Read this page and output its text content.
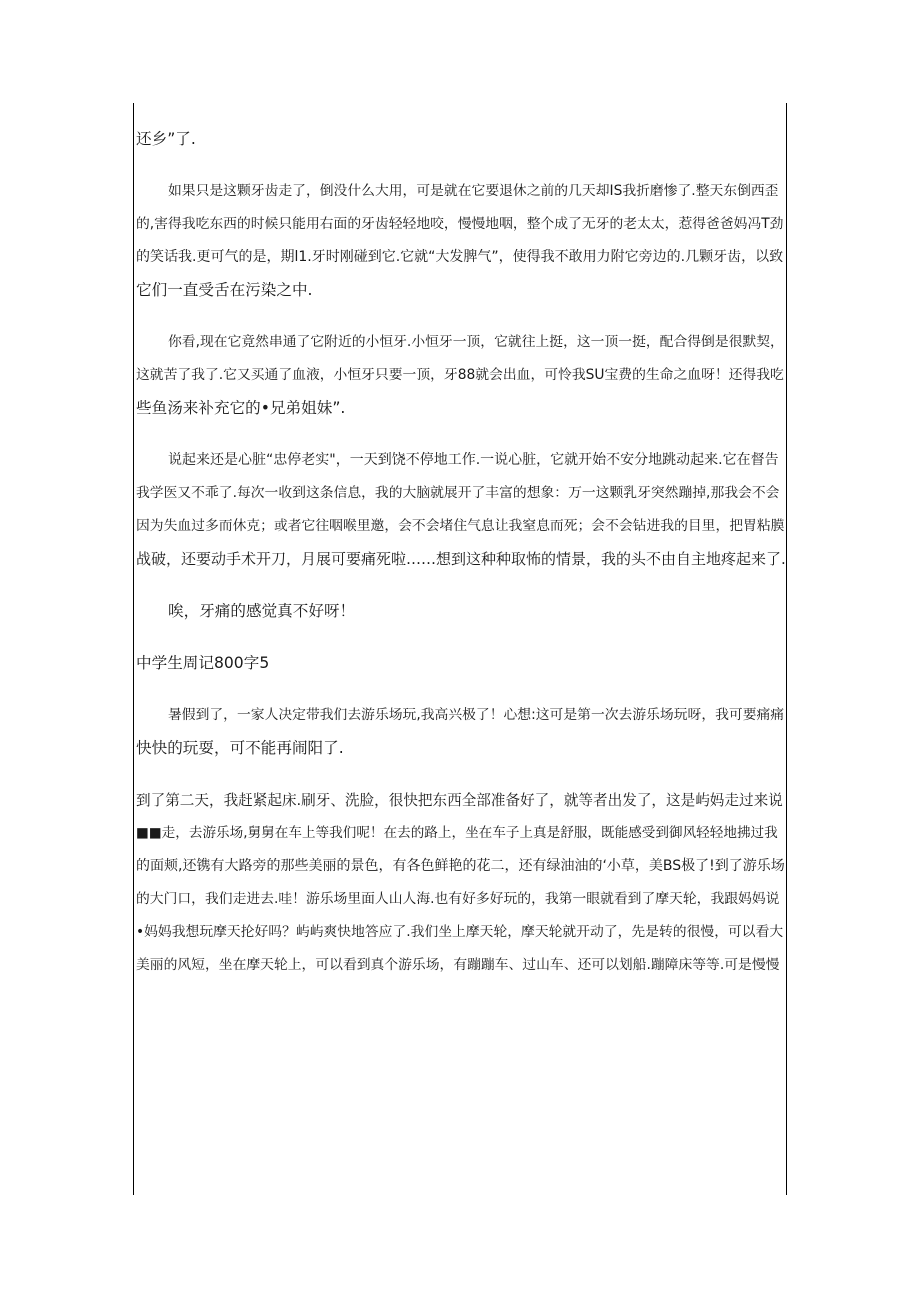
还乡”了.
如果只是这颗牙齿走了，倒没什么大用，可是就在它要退休之前的几天却IS我折磨惨了.整天东倒西歪
的,害得我吃东西的时候只能用右面的牙齿轻轻地咬，慢慢地咽，整个成了无牙的老太太，惹得爸爸妈冯T劲
的笑话我.更可气的是，期l1.牙时刚碰到它.它就“大发脾气”，使得我不敢用力附它旁边的.几颗牙齿，以致
它们一直受舌在污染之中.
你看,现在它竟然串通了它附近的小恒牙.小恒牙一顶，它就往上挺，这一顶一挺，配合得倒是很默契，
这就苦了我了.它又买通了血液，小恒牙只要一顶，牙88就会出血，可怜我SU宝费的生命之血呀！还得我吃
些鱼汤来补充它的•兄弟姐妹”.
说起来还是心脏“忠停老实"，一天到饶不停地工作.一说心脏，它就开始不安分地跳动起来.它在督告
我学医又不乖了.每次一收到这条信息，我的大脑就展开了丰富的想象：万一这颗乳牙突然蹦掉,那我会不会
因为失血过多而休克；或者它往咽喉里邀，会不会堵住气息让我窒息而死；会不会钻进我的目里，把胃粘膜
战破，还要动手术开刀，月展可要痛死啦……想到这种种取怖的情景，我的头不由自主地疼起来了.
唉，牙痛的感觉真不好呀！
中学生周记800字5
暑假到了，一家人决定带我们去游乐场玩,我高兴极了！心想:这可是第一次去游乐场玩呀，我可要痛痛
快快的玩耍，可不能再闹阳了.
到了第二天，我赶紧起床.刷牙、洗脸，很快把东西全部准备好了，就等者出发了，这是屿妈走过来说
■■走，去游乐场,舅舅在车上等我们呢！在去的路上，坐在车子上真是舒服，既能感受到御风轻轻地拂过我
的面颊,还镌有大路旁的那些美丽的景色，有各色鲜艳的花二，还有绿油油的‘小草，美BS极了!到了游乐场
的大门口，我们走进去.哇！游乐场里面人山人海.也有好多好玩的，我第一眼就看到了摩天轮，我跟妈妈说
•妈妈我想玩摩天抡好吗？屿屿爽快地答应了.我们坐上摩天轮，摩天轮就开动了，先是转的很慢，可以看大
美丽的风短，坐在摩天轮上，可以看到真个游乐场，有蹦蹦车、过山车、还可以划船.蹦障床等等.可是慢慢
